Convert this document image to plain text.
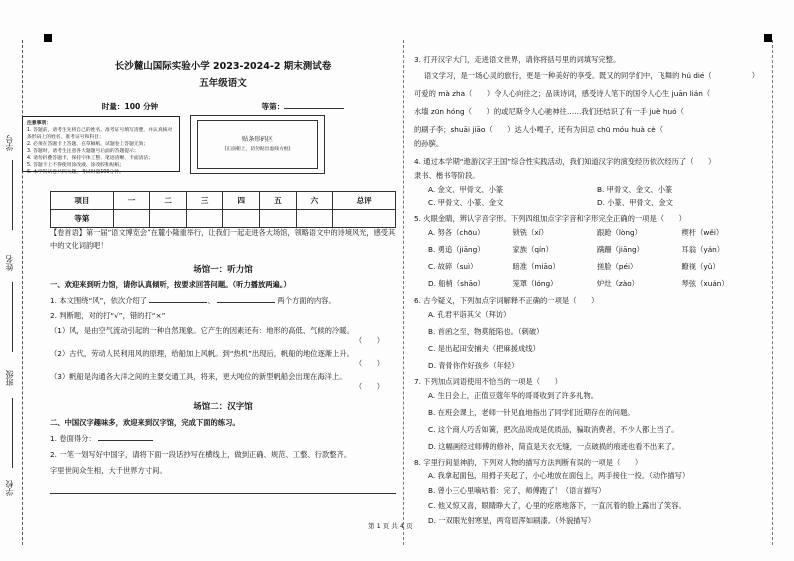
学号
姓名
班级
学校
长沙麓山国际实验小学 2023-2024-2 期末测试卷
五年级语文
时量：100 分钟	等第：
注意事项：
1. 答题前，请考生先将自己的姓名、准考证号填写清楚，并认真核对条形码上的姓名、准考证号和科目；
2. 必须在答题卡上答题，在草稿纸、试题卷上答题无效；
3. 答题时，请考生注意各大题题号后面的答题提示；
4. 请勿折叠答题卡，保持字体工整、笔迹清晰、卡面清洁；
5. 答题卡上不得使用涂改液、涂改胶和贴纸；
6. 本学科试卷共四大题，考试时量100分钟。
贴条形码区
(正面朝上，切勿贴出虚线方框)
项目	一	二	三	四	五	六	总评
等第							
【卷首语】第一届“语文博览会”在麓小隆重举行，让我们一起走进各大场馆，领略语文中的诗境风光，感受其中的文化词韵吧！
场馆一：听力馆

一、欢迎来到听力馆，请你认真倾听，按要求回答问题。（听力播放两遍。）

1. 本文围绕“风”，依次介绍了	、	两个方面的内容。

2. 判断题，对的打“√”，错的打“×”

（1）风，是由空气流动引起的一种自然现象。它产生的因素还有：地形的高低、气候的冷暖。

（　　）

（2）古代，劳动人民利用风的原理，给船加上风帆。到“热机”出现后，帆船的地位逐渐上升。

（　　）

（3）帆船是沟通各大洋之间的主要交通工具，将来，更大吨位的新型帆船会出现在海洋上。

（　　）
场馆二：汉字馆

二、中国汉字趣味多，欢迎来到汉字馆，完成下面的练习。

1. 卷面得分：

2. 一笔一划写好中国字，请将下面一段话抄写在横线上，做到正确、规范、工整、行款整齐。

字里世间众生相，大千世界方寸间。

3. 打开汉字大门，走进语文世界，请你将括号里的词填写完整。

语文学习，是一场心灵的旅行，更是一种美好的享受。既又的同学们中，飞舞的 hú dié（	）

可爱的 mà zha（　　）令人心向往之；品读诗词，感受诗人笔下的国令人心生 juān lián（

水墙 zūn hóng（　　）的或尼斯令人心驰神往……我们还结识了有一手 juè huó（

的刷子李；shuāi jiāo（　　）达人小嘎子，还有为田忌 chū móu huà cè（

的孙膑。

4. 通过本学期“遨游汉字王国”综合性实践活动，我们知道汉字的演变经历依次经历了（　　）

隶书、楷书等阶段。

A. 金文、甲骨文、小篆	B. 甲骨文、金文、小篆
C. 甲骨文、小篆、金文	D. 小篆、甲骨文、金文

5. 火眼金睛，辨认字音字形。下列四组加点字字音和字形完全正确的一项是（　　）

A. 努各（chōu）	锁铣（xǐ）	跟跄（lòng）	楔杆（wěi）
B. 勇追（jiāng）	家族（qín）	蹒跚（jiāng）	耳翁（yán）
C. 故碎（suì）	暗准（miāo）	搓脸（péi）	瞭视（yǔ）
D. 船梢（shāo）	笼罩（lóng）	炉灶（zào）	琴弦（xuán）

6. 古今疑义，下列加点字词解释不正确的一项是（　　）

A. 孔君平诣其父（拜访）
B. 首函之至，物莫能陷也。（刺破）
C. 是出起田安捕夫（把麻援成线）
D. 青骨你作好孩乡（年轻）

7. 下列加点词语使用不恰当的一项是（　　）

A. 生日会上，正值豆蔻年华的哥哥收到了许多礼物。
B. 在班会课上，老师一针见血地指出了同学们近期存在的问题。
C. 这个商人巧舌如簧，把次品说成是优质品，骗取消费者，不少人都上当了。
D. 这幅画经过师傅的修补，简直是天衣无缝，一点破损的痕迹也看不出来了。

8. 字里行间显神韵，下列对人物的描写方法判断有误的一项是（　　）

A. 我拿起面包，用拇子夹起了，小心地放在面包上，两手接住一投。（动作描写）
B. 曾小三心里嘀咕着：完了，师傅跑了！（语言描写）
C. 他又惊又喜，眼睛睁大了，心里的疙瘩地落下，一直沉着的脸上露出了笑容。
D. 一双眼光射寒星，两弯眉浑如刷漆。（外貌描写）
第 1 页 共 4 页
